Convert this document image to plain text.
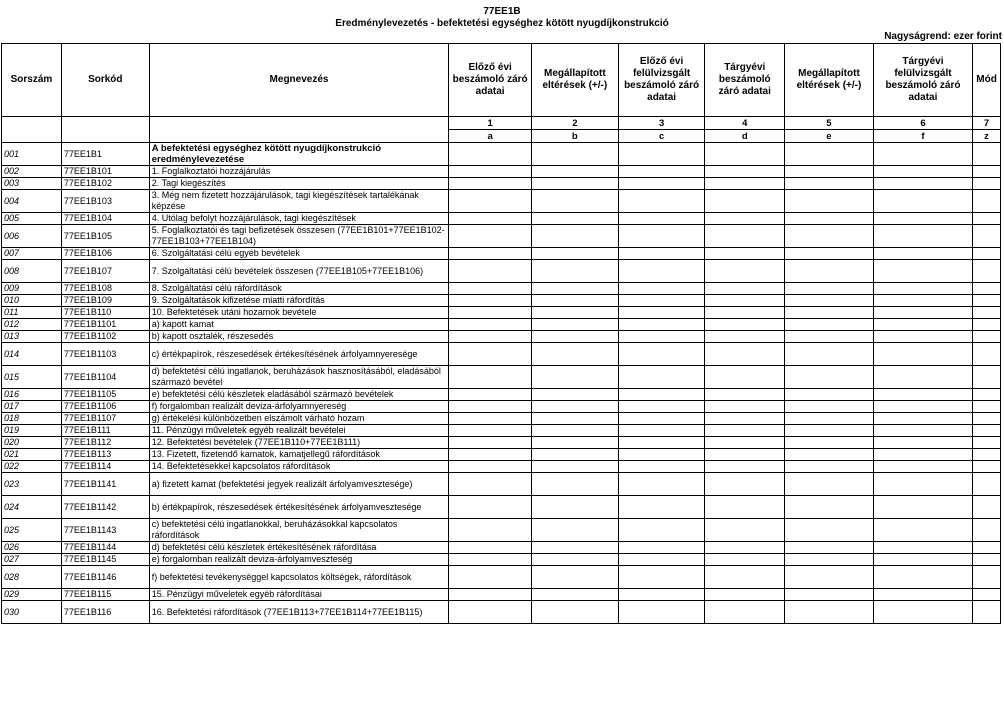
77EE1B
Eredménylevezetés - befektetési egységhez kötött nyugdíjkonstrukció
Nagyságrend: ezer forint
Sorszám	Sorkód	Megnevezés	Előző évi beszámoló záró adatai	Megállapított eltérések (+/-)	Előző évi felülvizsgált beszámoló záró adatai	Tárgyévi beszámoló záró adatai	Megállapított eltérések (+/-)	Tárgyévi felülvizsgált beszámoló záró adatai	Mód
			1	2	3	4	5	6	7
			a	b	c	d	e	f	z
001	77EE1B1	A befektetési egységhez kötött nyugdíjkonstrukció eredménylevezetése							
002	77EE1B101	1. Foglalkoztatói hozzájárulás							
003	77EE1B102	2. Tagi kiegészítés							
004	77EE1B103	3. Még nem fizetett hozzájárulások, tagi kiegészítések tartalékának képzése							
005	77EE1B104	4. Utólag befolyt hozzájárulások, tagi kiegészítések							
006	77EE1B105	5. Foglalkoztatói és tagi befizetések összesen (77EE1B101+77EE1B102-77EE1B103+77EE1B104)							
007	77EE1B106	6. Szolgáltatási célú egyéb bevételek							
008	77EE1B107	7. Szolgáltatási célú bevételek összesen (77EE1B105+77EE1B106)							
009	77EE1B108	8. Szolgáltatási célú ráfordítások							
010	77EE1B109	9. Szolgáltatások kifizetése miatti ráfordítás							
011	77EE1B110	10. Befektetések utáni hozamok bevétele							
012	77EE1B1101	a) kapott kamat							
013	77EE1B1102	b) kapott osztalék, részesedés							
014	77EE1B1103	c) értékpapírok, részesedések értékesítésének árfolyamnyeresége							
015	77EE1B1104	d) befektetési célú ingatlanok, beruházások hasznosításából, eladásából származó bevétel							
016	77EE1B1105	e) befektetési célú készletek eladásából származó bevételek							
017	77EE1B1106	f) forgalomban realizált deviza-árfolyamnyereség							
018	77EE1B1107	g) értékelési különbözetben elszámolt várható hozam							
019	77EE1B111	11. Pénzügyi műveletek egyéb realizált bevételei							
020	77EE1B112	12. Befektetési bevételek (77EE1B110+77EE1B111)							
021	77EE1B113	13. Fizetett, fizetendő kamatok, kamatjellegű ráfordítások							
022	77EE1B114	14. Befektetésekkel kapcsolatos ráfordítások							
023	77EE1B1141	a) fizetett kamat (befektetési jegyek realizált árfolyamvesztesége)							
024	77EE1B1142	b) értékpapírok, részesedések értékesítésének árfolyamvesztesége							
025	77EE1B1143	c) befektetési célú ingatlanokkal, beruházásokkal kapcsolatos ráfordítások							
026	77EE1B1144	d) befektetési célú készletek értékesítésének ráfordítása							
027	77EE1B1145	e) forgalomban realizált deviza-árfolyamveszteség							
028	77EE1B1146	f) befektetési tevékenységgel kapcsolatos költségek, ráfordítások							
029	77EE1B115	15. Pénzügyi műveletek egyéb ráfordításai							
030	77EE1B116	16. Befektetési ráfordítások (77EE1B113+77EE1B114+77EE1B115)							
